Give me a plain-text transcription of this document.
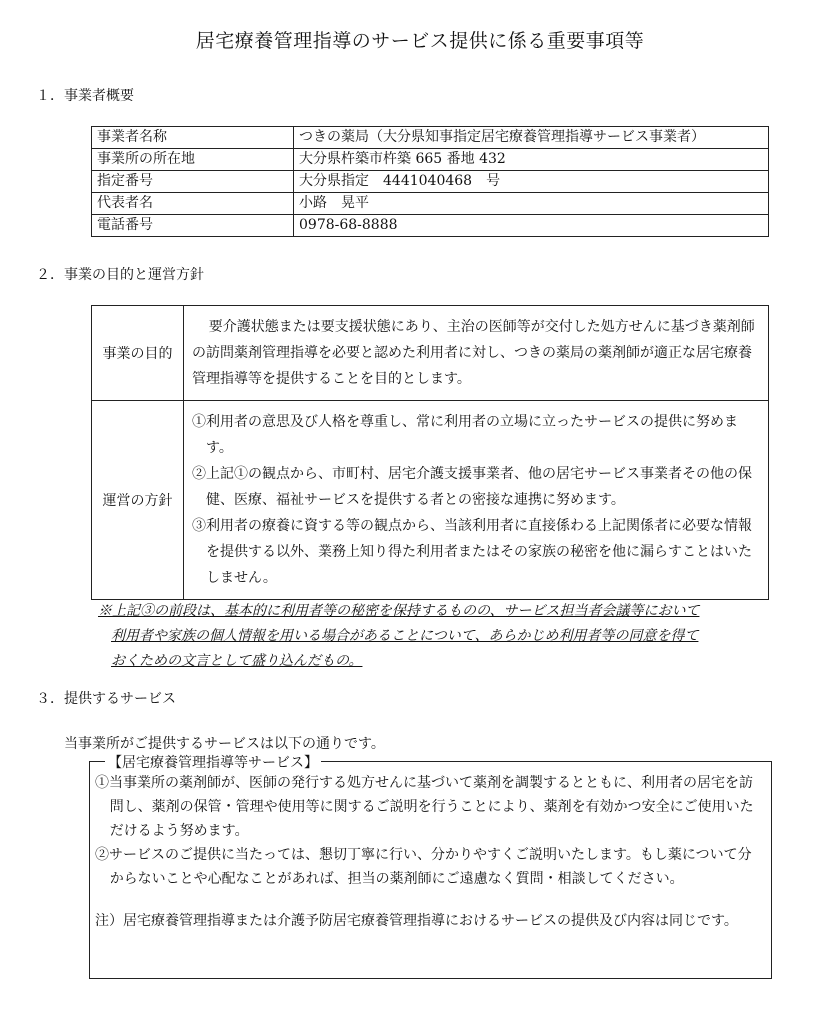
居宅療養管理指導のサービス提供に係る重要事項等
１．事業者概要
事業者名称	つきの薬局（大分県知事指定居宅療養管理指導サービス事業者）
事業所の所在地	大分県杵築市杵築 665 番地 432
指定番号	大分県指定　4441040468　号
代表者名	小路　晃平
電話番号	0978-68-8888
２．事業の目的と運営方針
事業の目的	要介護状態または要支援状態にあり、主治の医師等が交付した処方せんに基づき薬剤師の訪問薬剤管理指導を必要と認めた利用者に対し、つきの薬局の薬剤師が適正な居宅療養管理指導等を提供することを目的とします。

運営の方針	①利用者の意思及び人格を尊重し、常に利用者の立場に立ったサービスの提供に努めます。
②上記①の観点から、市町村、居宅介護支援事業者、他の居宅サービス事業者その他の保健、医療、福祉サービスを提供する者との密接な連携に努めます。
③利用者の療養に資する等の観点から、当該利用者に直接係わる上記関係者に必要な情報を提供する以外、業務上知り得た利用者またはその家族の秘密を他に漏らすことはいたしません。
※上記③の前段は、基本的に利用者等の秘密を保持するものの、サービス担当者会議等において
利用者や家族の個人情報を用いる場合があることについて、あらかじめ利用者等の同意を得て
おくための文言として盛り込んだもの。
３．提供するサービス
当事業所がご提供するサービスは以下の通りです。
【居宅療養管理指導等サービス】
①当事業所の薬剤師が、医師の発行する処方せんに基づいて薬剤を調製するとともに、利用者の居宅を訪問し、薬剤の保管・管理や使用等に関するご説明を行うことにより、薬剤を有効かつ安全にご使用いただけるよう努めます。
②サービスのご提供に当たっては、懇切丁寧に行い、分かりやすくご説明いたします。もし薬について分からないことや心配なことがあれば、担当の薬剤師にご遠慮なく質問・相談してください。
注）居宅療養管理指導または介護予防居宅療養管理指導におけるサービスの提供及び内容は同じです。
